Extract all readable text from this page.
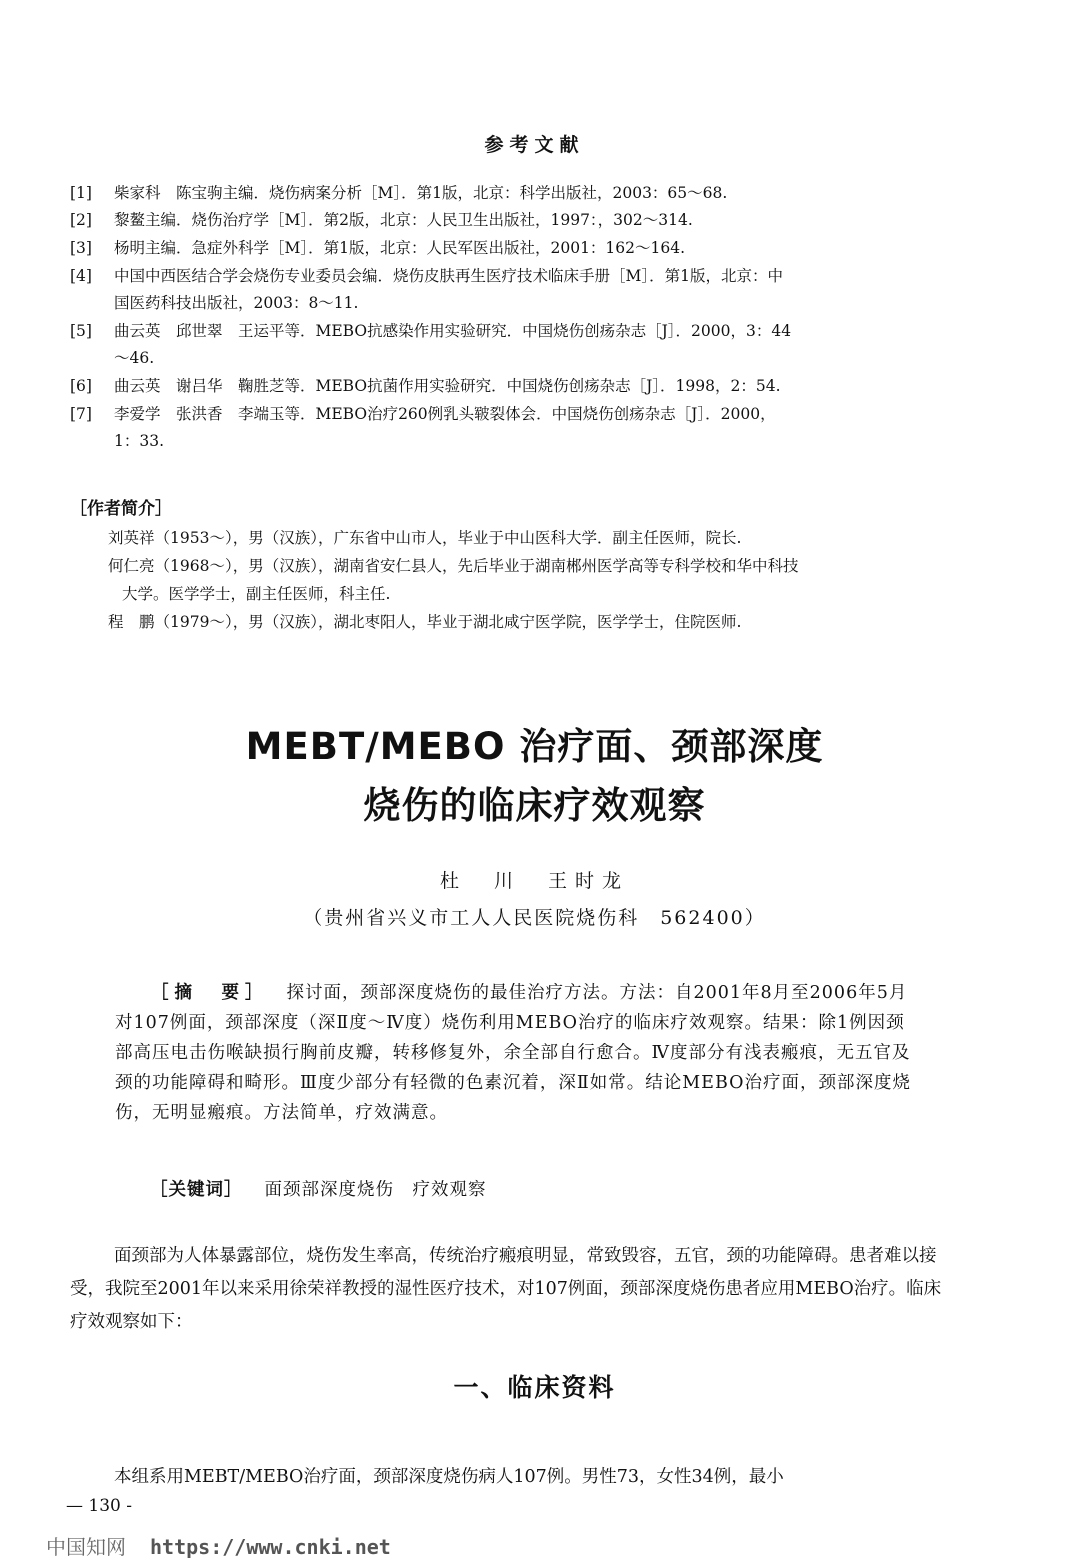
参考文献
[1] 柴家科　陈宝驹主编．烧伤病案分析［M］．第1版，北京：科学出版社，2003：65～68.
[2] 黎鳌主编．烧伤治疗学［M］．第2版，北京：人民卫生出版社，1997：，302～314.
[3] 杨明主编．急症外科学［M］．第1版，北京：人民军医出版社，2001：162～164.
[4] 中国中西医结合学会烧伤专业委员会编．烧伤皮肤再生医疗技术临床手册［M］．第1版，北京：中
国医药科技出版社，2003：8～11.
[5] 曲云英　邱世翠　王运平等．MEBO抗感染作用实验研究．中国烧伤创疡杂志［J］．2000，3：44
～46.
[6] 曲云英　谢吕华　鞠胜芝等．MEBO抗菌作用实验研究．中国烧伤创疡杂志［J］．1998，2：54.
[7] 李爱学　张洪香　李端玉等．MEBO治疗260例乳头皲裂体会．中国烧伤创疡杂志［J］．2000，
1：33.
［作者简介］
刘英祥（1953～），男（汉族），广东省中山市人，毕业于中山医科大学．副主任医师，院长.
何仁亮（1968～），男（汉族），湖南省安仁县人，先后毕业于湖南郴州医学高等专科学校和华中科技
大学。医学学士，副主任医师，科主任.
程　鹏（1979～），男（汉族），湖北枣阳人，毕业于湖北咸宁医学院，医学学士，住院医师.
MEBT/MEBO 治疗面、颈部深度
烧伤的临床疗效观察
杜　川　王时龙
（贵州省兴义市工人人民医院烧伤科　562400）
［摘　要］ 探讨面，颈部深度烧伤的最佳治疗方法。方法：自2001年8月至2006年5月对107例面，颈部深度（深Ⅱ度～Ⅳ度）烧伤利用MEBO治疗的临床疗效观察。结果：除1例因颈部高压电击伤喉缺损行胸前皮瓣，转移修复外，余全部自行愈合。Ⅳ度部分有浅表瘢痕，无五官及颈的功能障碍和畸形。Ⅲ度少部分有轻微的色素沉着，深Ⅱ如常。结论MEBO治疗面，颈部深度烧伤，无明显瘢痕。方法简单，疗效满意。
［关键词］ 面颈部深度烧伤　疗效观察
面颈部为人体暴露部位，烧伤发生率高，传统治疗瘢痕明显，常致毁容，五官，颈的功能障碍。患者难以接受，我院至2001年以来采用徐荣祥教授的湿性医疗技术，对107例面，颈部深度烧伤患者应用MEBO治疗。临床疗效观察如下：
一、临床资料
本组系用MEBT/MEBO治疗面，颈部深度烧伤病人107例。男性73，女性34例，最小
— 130 -
中国知网 https://www.cnki.net
